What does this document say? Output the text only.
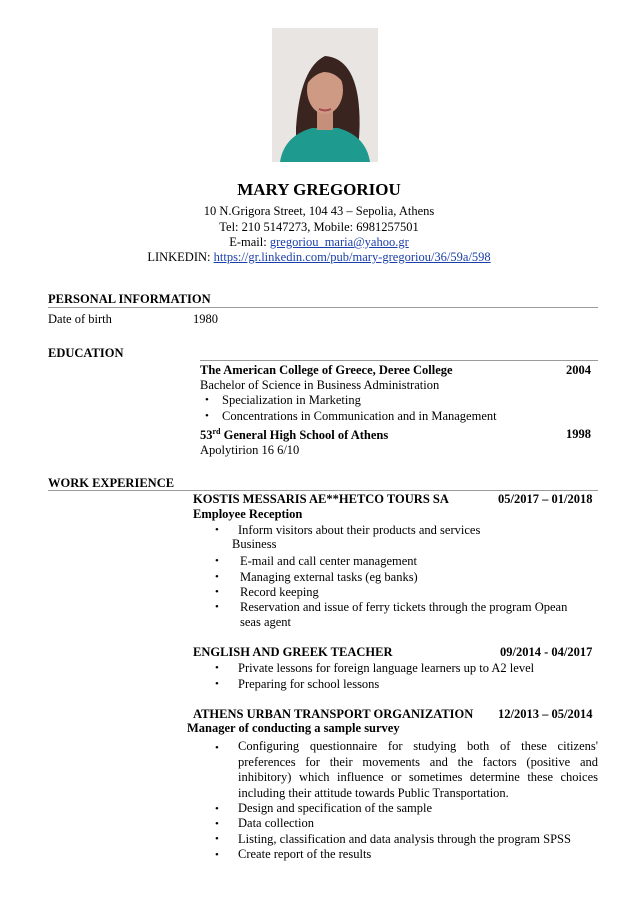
MARY GREGORIOU
10 N.Grigora Street, 104 43 – Sepolia, Athens
Tel: 210 5147273, Mobile: 6981257501
E-mail: gregoriou_maria@yahoo.gr
LINKEDIN: https://gr.linkedin.com/pub/mary-gregoriou/36/59a/598
PERSONAL INFORMATION
Date of birth	1980
EDUCATION
The American College of Greece, Deree College	2004
Bachelor of Science in Business Administration
• Specialization in Marketing
• Concentrations in Communication and in Management
53rd General High School of Athens	1998
Apolytirion 16 6/10
WORK EXPERIENCE
KOSTIS MESSARIS AE**HETCO TOURS SA	05/2017 – 01/2018
Employee Reception
• Inform visitors about their products and services
Business
• E-mail and call center management
• Managing external tasks (eg banks)
• Record keeping
• Reservation and issue of ferry tickets through the program Opean
seas agent
ENGLISH AND GREEK TEACHER	09/2014 - 04/2017
• Private lessons for foreign language learners up to A2 level
• Preparing for school lessons
ATHENS URBAN TRANSPORT ORGANIZATION 12/2013 – 05/2014
Manager of conducting a sample survey
• Configuring questionnaire for studying both of these citizens' preferences for their movements and the factors (positive and inhibitory) which influence or sometimes determine these choices including their attitude towards Public Transportation.
• Design and specification of the sample
• Data collection
• Listing, classification and data analysis through the program SPSS
• Create report of the results
